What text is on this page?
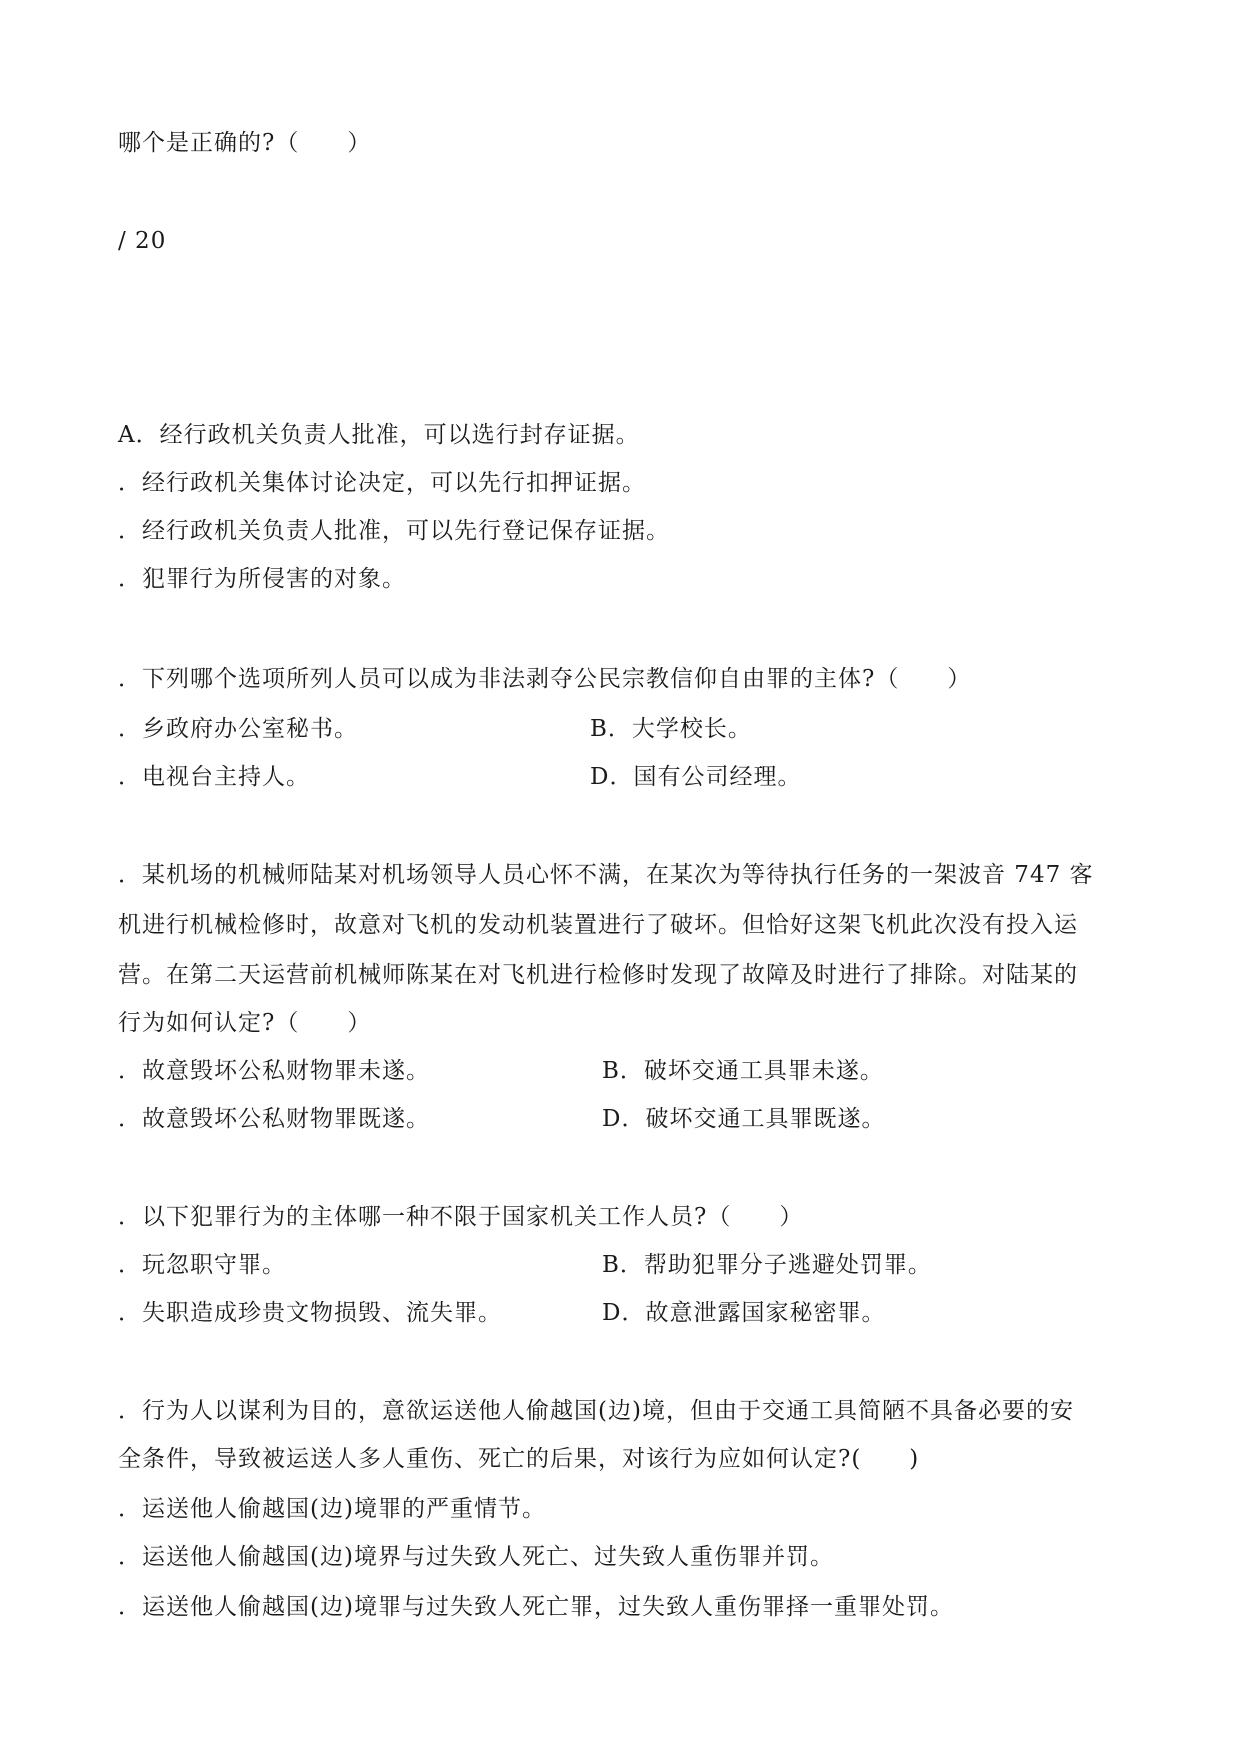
哪个是正确的?（　　）
/ 20
A．经行政机关负责人批准，可以选行封存证据。
．经行政机关集体讨论决定，可以先行扣押证据。
．经行政机关负责人批准，可以先行登记保存证据。
．犯罪行为所侵害的对象。
．下列哪个选项所列人员可以成为非法剥夺公民宗教信仰自由罪的主体?（　　）
．乡政府办公室秘书。	B．大学校长。
．电视台主持人。	D．国有公司经理。
．某机场的机械师陆某对机场领导人员心怀不满，在某次为等待执行任务的一架波音 747 客
机进行机械检修时，故意对飞机的发动机装置进行了破坏。但恰好这架飞机此次没有投入运
营。在第二天运营前机械师陈某在对飞机进行检修时发现了故障及时进行了排除。对陆某的
行为如何认定?（　　）
．故意毁坏公私财物罪未遂。	B．破坏交通工具罪未遂。
．故意毁坏公私财物罪既遂。	D．破坏交通工具罪既遂。
．以下犯罪行为的主体哪一种不限于国家机关工作人员?（　　）
．玩忽职守罪。	B．帮助犯罪分子逃避处罚罪。
．失职造成珍贵文物损毁、流失罪。	D．故意泄露国家秘密罪。
．行为人以谋利为目的，意欲运送他人偷越国(边)境，但由于交通工具简陋不具备必要的安
全条件，导致被运送人多人重伤、死亡的后果，对该行为应如何认定?(　　)
．运送他人偷越国(边)境罪的严重情节。
．运送他人偷越国(边)境界与过失致人死亡、过失致人重伤罪并罚。
．运送他人偷越国(边)境罪与过失致人死亡罪，过失致人重伤罪择一重罪处罚。
